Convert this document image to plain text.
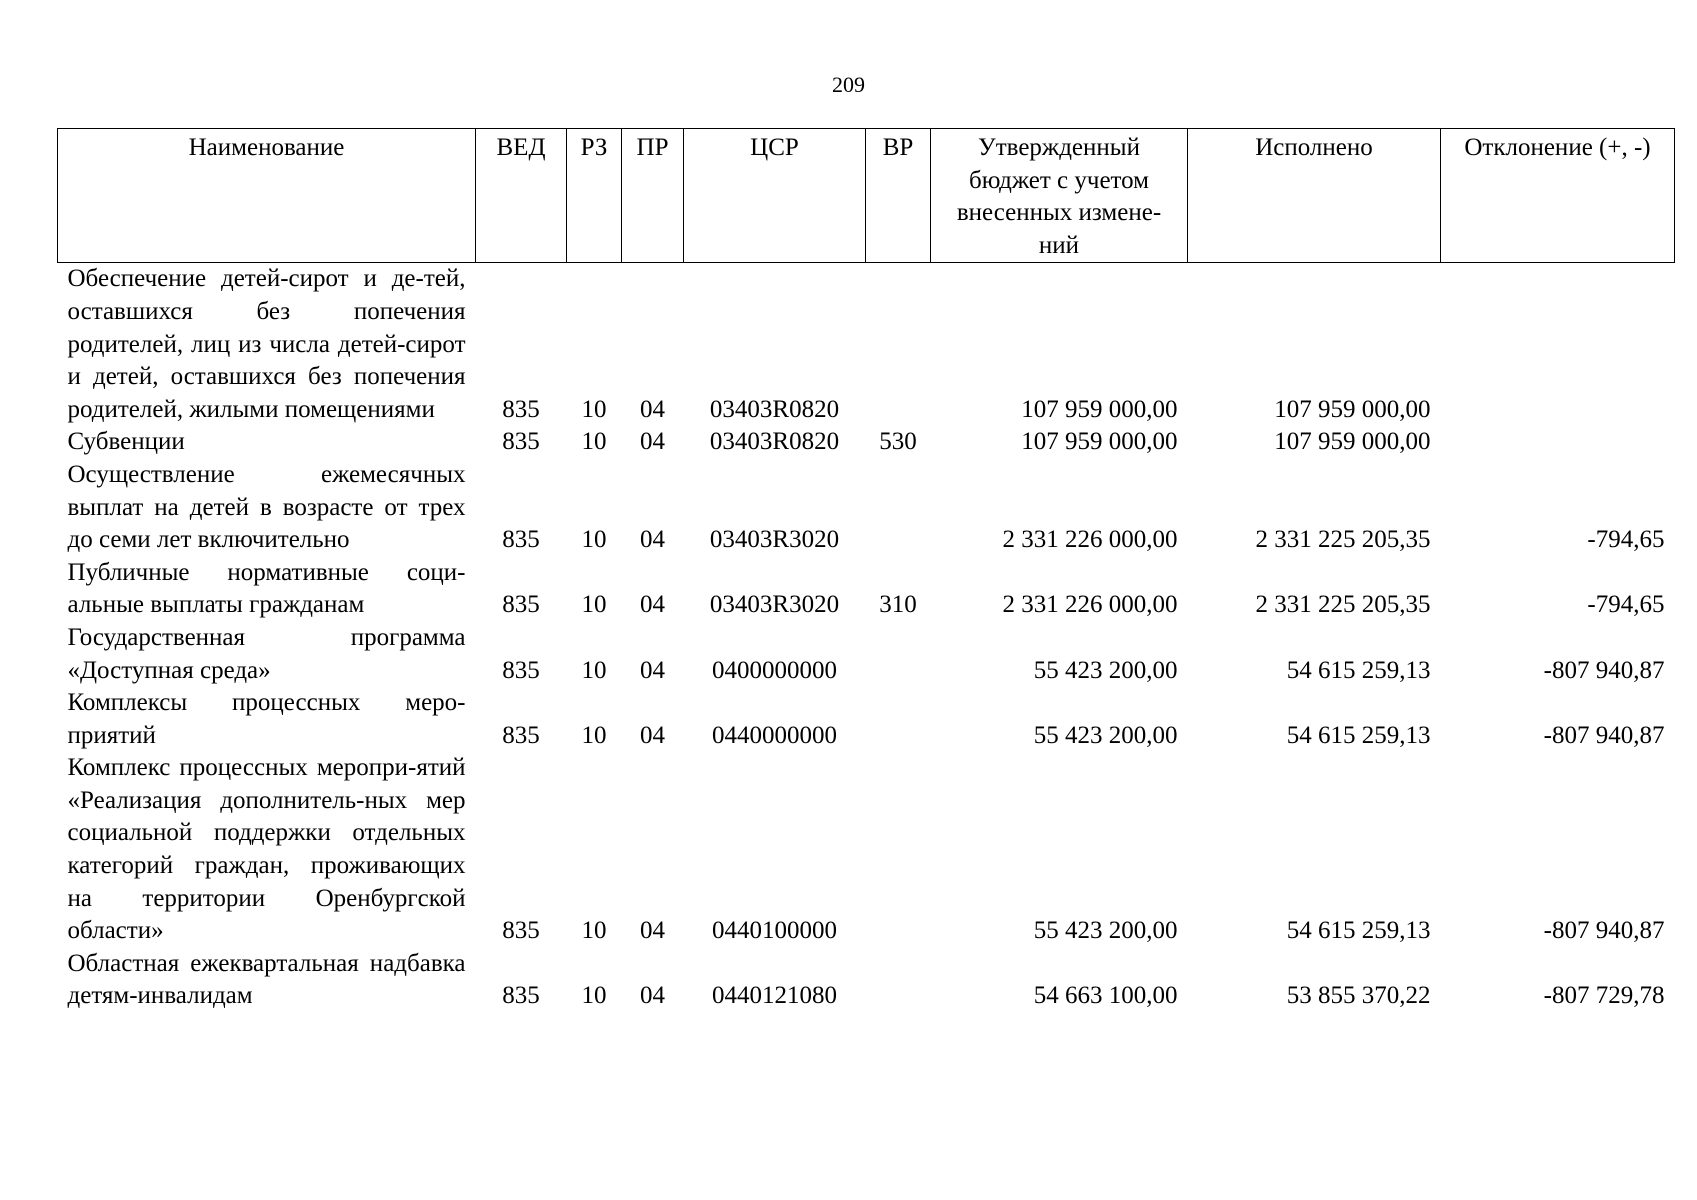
209
Наименование	ВЕД	РЗ	ПР	ЦСР	ВР	Утвержденный бюджет с учетом внесенных измене-ний	Исполнено	Отклонение (+, -)
Обеспечение детей-сирот и де-тей, оставшихся без попечения родителей, лиц из числа детей-сирот и детей, оставшихся без попечения родителей, жилыми помещениями	835	10	04	03403R0820		107 959 000,00	107 959 000,00	
Субвенции	835	10	04	03403R0820	530	107 959 000,00	107 959 000,00	
Осуществление ежемесячных выплат на детей в возрасте от трех до семи лет включительно	835	10	04	03403R3020		2 331 226 000,00	2 331 225 205,35	-794,65
Публичные нормативные соци-альные выплаты гражданам	835	10	04	03403R3020	310	2 331 226 000,00	2 331 225 205,35	-794,65
Государственная программа «Доступная среда»	835	10	04	0400000000		55 423 200,00	54 615 259,13	-807 940,87
Комплексы процессных меро-приятий	835	10	04	0440000000		55 423 200,00	54 615 259,13	-807 940,87
Комплекс процессных меропри-ятий «Реализация дополнитель-ных мер социальной поддержки отдельных категорий граждан, проживающих на территории Оренбургской области»	835	10	04	0440100000		55 423 200,00	54 615 259,13	-807 940,87
Областная ежеквартальная надбавка детям-инвалидам	835	10	04	0440121080		54 663 100,00	53 855 370,22	-807 729,78
